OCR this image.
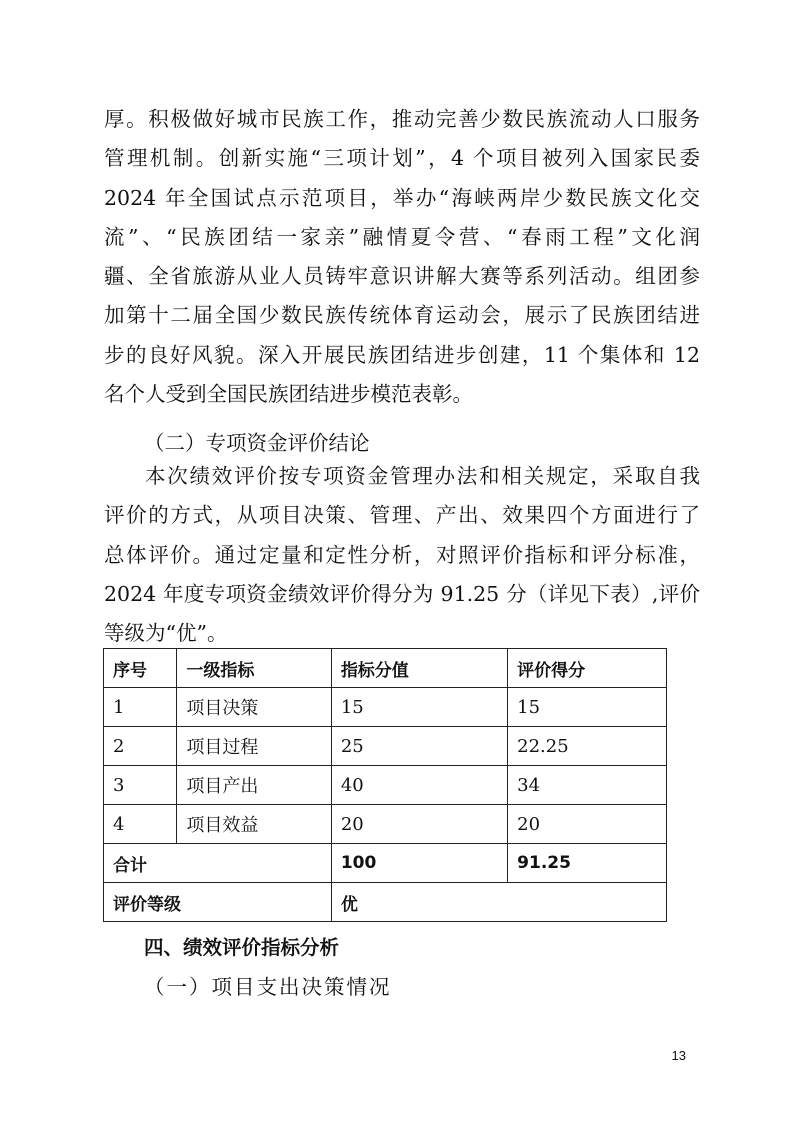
厚。积极做好城市民族工作，推动完善少数民族流动人口服务
管理机制。创新实施“三项计划”，4 个项目被列入国家民委
2024 年全国试点示范项目，举办“海峡两岸少数民族文化交
流”、“民族团结一家亲”融情夏令营、“春雨工程”文化润
疆、全省旅游从业人员铸牢意识讲解大赛等系列活动。组团参
加第十二届全国少数民族传统体育运动会，展示了民族团结进
步的良好风貌。深入开展民族团结进步创建，11 个集体和 12
名个人受到全国民族团结进步模范表彰。
（二）专项资金评价结论
本次绩效评价按专项资金管理办法和相关规定，采取自我
评价的方式，从项目决策、管理、产出、效果四个方面进行了
总体评价。通过定量和定性分析，对照评价指标和评分标准，
2024 年度专项资金绩效评价得分为 91.25 分（详见下表）,评价
等级为“优”。
序号	一级指标	指标分值	评价得分
1	项目决策	15	15
2	项目过程	25	22.25
3	项目产出	40	34
4	项目效益	20	20
合计		100	91.25
评价等级		优	
四、绩效评价指标分析
（一）项目支出决策情况
13
